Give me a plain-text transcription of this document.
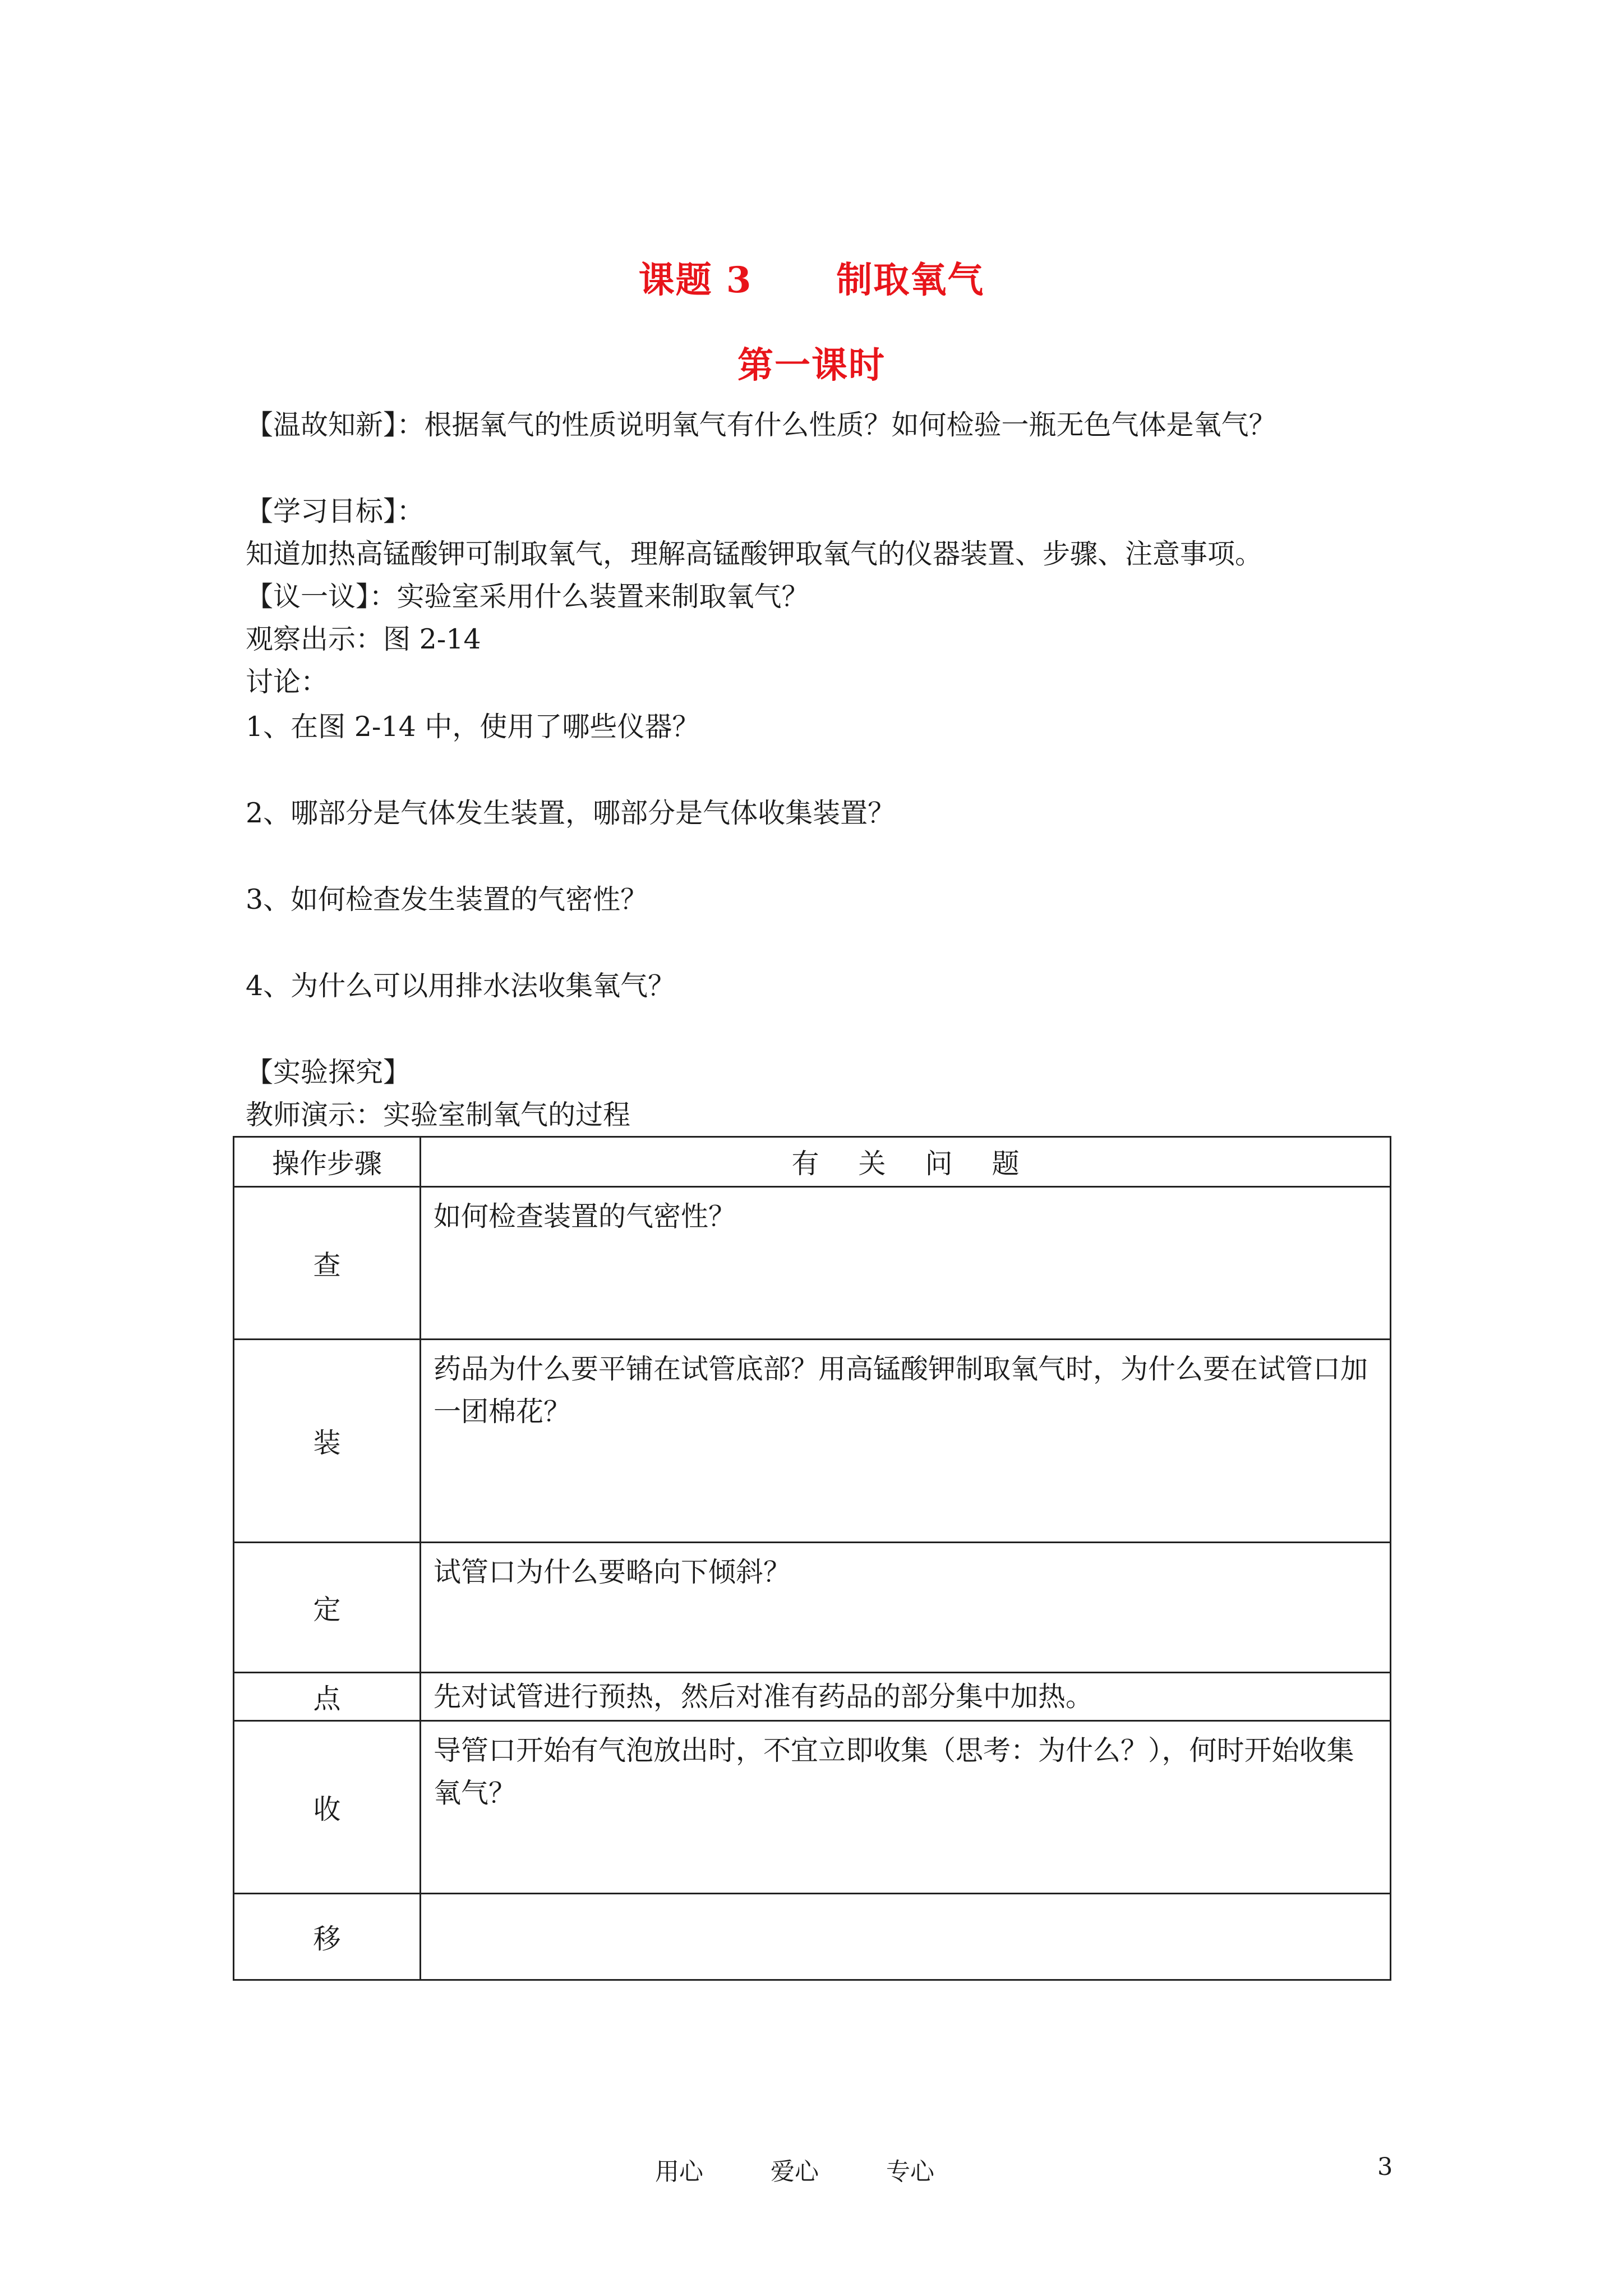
课题 3 制取氧气
第一课时
【温故知新】：根据氧气的性质说明氧气有什么性质？如何检验一瓶无色气体是氧气？
【学习目标】：
知道加热高锰酸钾可制取氧气，理解高锰酸钾取氧气的仪器装置、步骤、注意事项。
【议一议】：实验室采用什么装置来制取氧气？
观察出示：图 2-14
讨论：
1、在图 2-14 中，使用了哪些仪器？
2、哪部分是气体发生装置，哪部分是气体收集装置？
3、如何检查发生装置的气密性？
4、为什么可以用排水法收集氧气？
【实验探究】
教师演示：实验室制氧气的过程
操作步骤	有关问题
查	如何检查装置的气密性？
装	药品为什么要平铺在试管底部？用高锰酸钾制取氧气时，为什么要在试管口加一团棉花？
定	试管口为什么要略向下倾斜？
点	先对试管进行预热，然后对准有药品的部分集中加热。
收	导管口开始有气泡放出时，不宜立即收集（思考：为什么？），何时开始收集氧气？
移	
用心	爱心	专心	3
